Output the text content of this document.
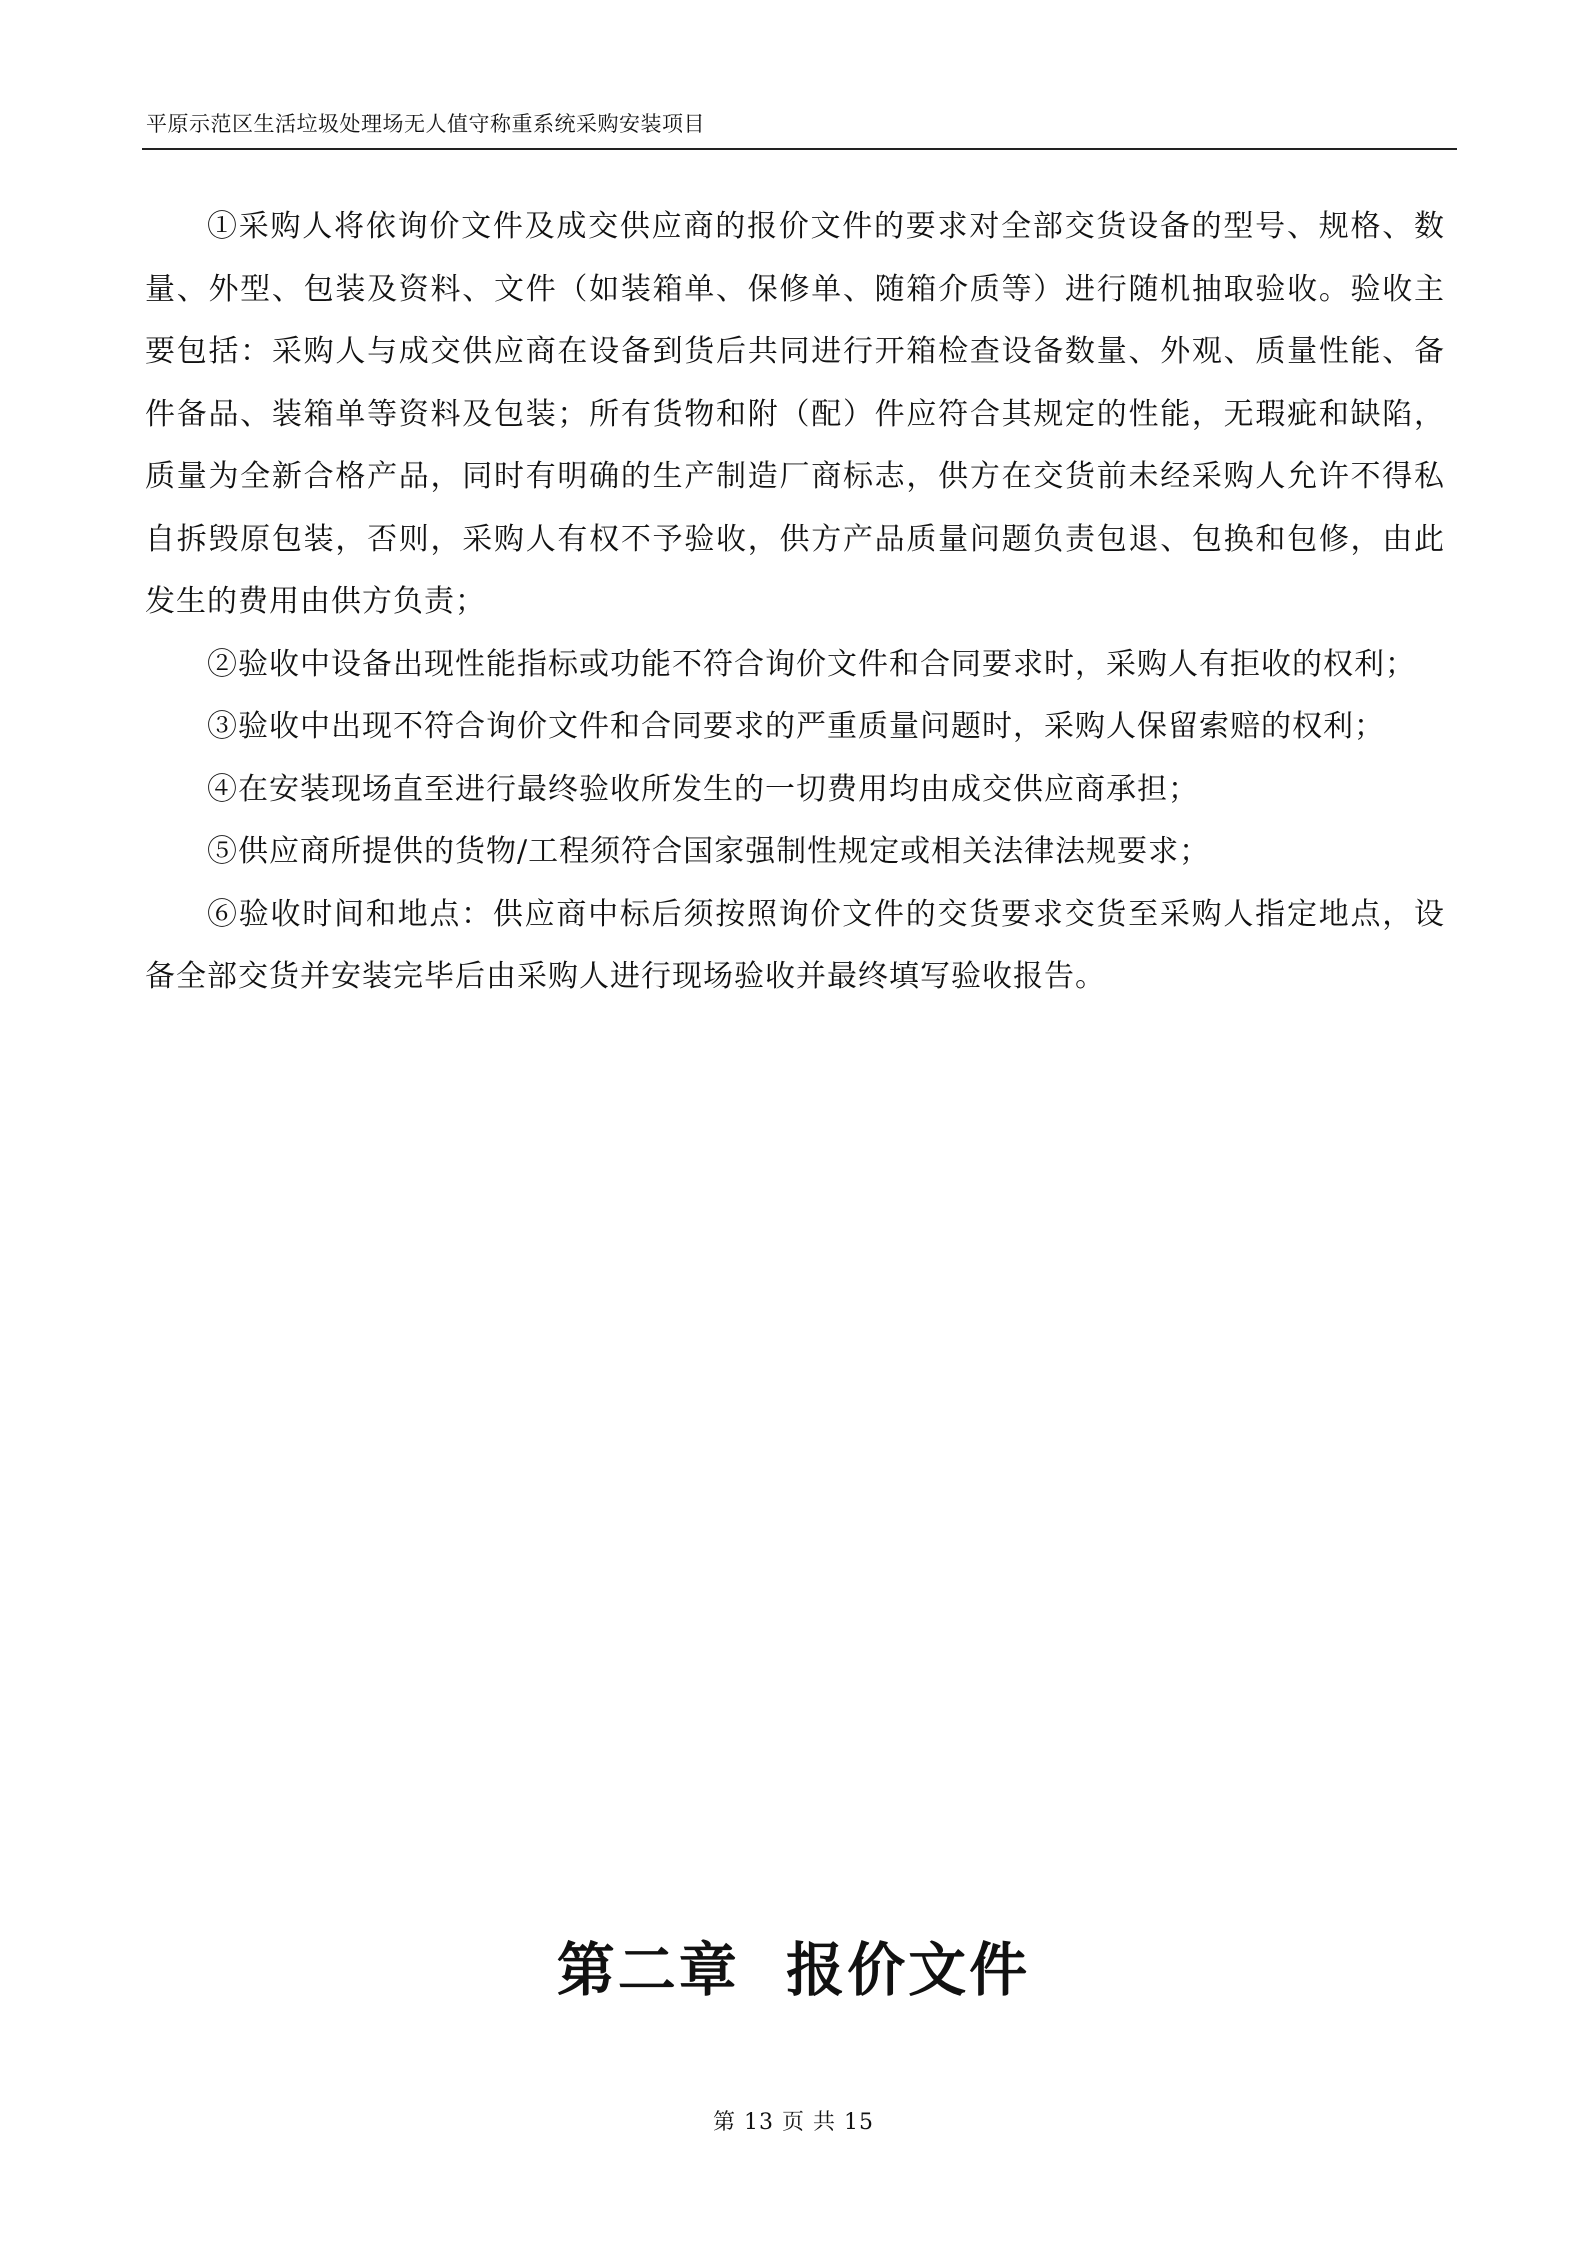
平原示范区生活垃圾处理场无人值守称重系统采购安装项目

①采购人将依询价文件及成交供应商的报价文件的要求对全部交货设备的型号、规格、数量、外型、包装及资料、文件（如装箱单、保修单、随箱介质等）进行随机抽取验收。验收主要包括：采购人与成交供应商在设备到货后共同进行开箱检查设备数量、外观、质量性能、备件备品、装箱单等资料及包装；所有货物和附（配）件应符合其规定的性能，无瑕疵和缺陷，质量为全新合格产品，同时有明确的生产制造厂商标志，供方在交货前未经采购人允许不得私自拆毁原包装，否则，采购人有权不予验收，供方产品质量问题负责包退、包换和包修，由此发生的费用由供方负责；

②验收中设备出现性能指标或功能不符合询价文件和合同要求时，采购人有拒收的权利；

③验收中出现不符合询价文件和合同要求的严重质量问题时，采购人保留索赔的权利；

④在安装现场直至进行最终验收所发生的一切费用均由成交供应商承担；

⑤供应商所提供的货物/工程须符合国家强制性规定或相关法律法规要求；

⑥验收时间和地点：供应商中标后须按照询价文件的交货要求交货至采购人指定地点，设备全部交货并安装完毕后由采购人进行现场验收并最终填写验收报告。

第二章  报价文件
第 13 页 共 15
